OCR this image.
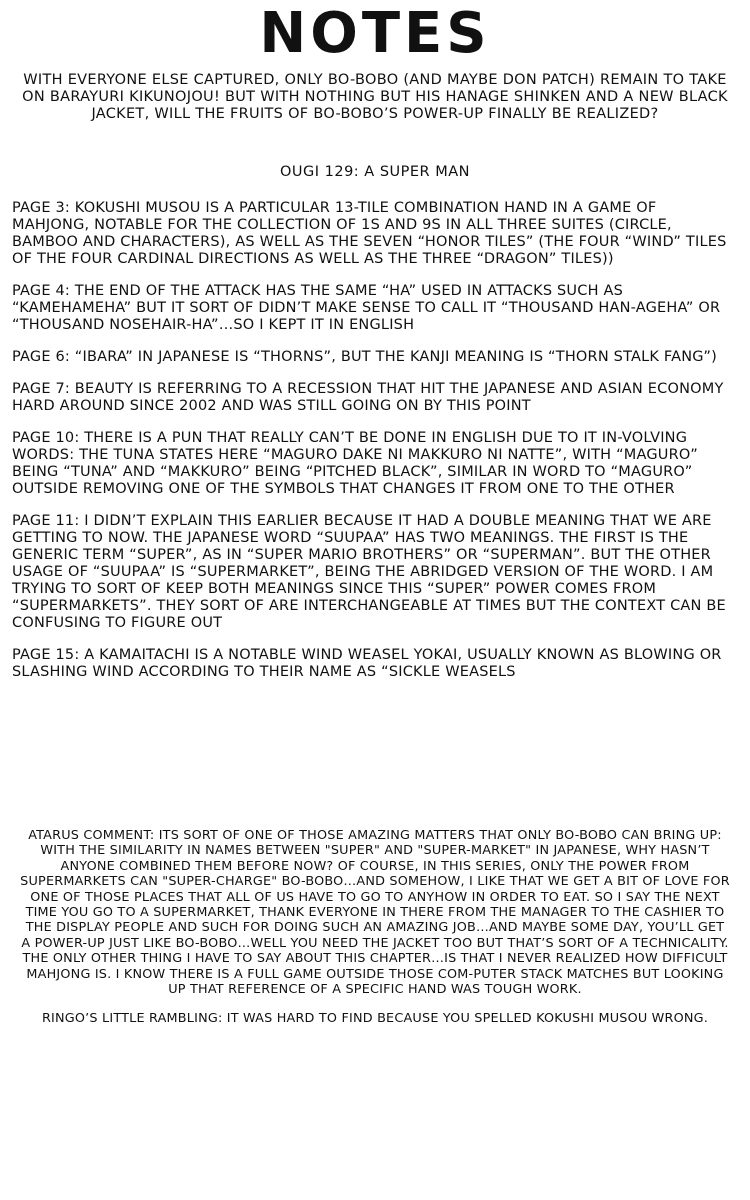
NOTES
WITH EVERYONE ELSE CAPTURED, ONLY BO-BOBO (AND MAYBE DON PATCH) REMAIN TO TAKE ON BARAYURI KIKUNOJOU! BUT WITH NOTHING BUT HIS HANAGE SHINKEN AND A NEW BLACK JACKET, WILL THE FRUITS OF BO-BOBO’S POWER-UP FINALLY BE REALIZED?
OUGI 129: A SUPER MAN

PAGE 3: KOKUSHI MUSOU IS A PARTICULAR 13-TILE COMBINATION HAND IN A GAME OF MAHJONG, NOTABLE FOR THE COLLECTION OF 1S AND 9S IN ALL THREE SUITES (CIRCLE, BAMBOO AND CHARACTERS), AS WELL AS THE SEVEN “HONOR TILES” (THE FOUR “WIND” TILES OF THE FOUR CARDINAL DIRECTIONS AS WELL AS THE THREE “DRAGON” TILES))

PAGE 4: THE END OF THE ATTACK HAS THE SAME “HA” USED IN ATTACKS SUCH AS “KAMEHAMEHA” BUT IT SORT OF DIDN’T MAKE SENSE TO CALL IT “THOUSAND HAN-AGEHA” OR “THOUSAND NOSEHAIR-HA”…SO I KEPT IT IN ENGLISH

PAGE 6: “IBARA” IN JAPANESE IS “THORNS”, BUT THE KANJI MEANING IS “THORN STALK FANG”)

PAGE 7: BEAUTY IS REFERRING TO A RECESSION THAT HIT THE JAPANESE AND ASIAN ECONOMY HARD AROUND SINCE 2002 AND WAS STILL GOING ON BY THIS POINT

PAGE 10: THERE IS A PUN THAT REALLY CAN’T BE DONE IN ENGLISH DUE TO IT IN-VOLVING WORDS: THE TUNA STATES HERE “MAGURO DAKE NI MAKKURO NI NATTE”, WITH “MAGURO” BEING “TUNA” AND “MAKKURO” BEING “PITCHED BLACK”, SIMILAR IN WORD TO “MAGURO” OUTSIDE REMOVING ONE OF THE SYMBOLS THAT CHANGES IT FROM ONE TO THE OTHER

PAGE 11: I DIDN’T EXPLAIN THIS EARLIER BECAUSE IT HAD A DOUBLE MEANING THAT WE ARE GETTING TO NOW. THE JAPANESE WORD “SUUPAA” HAS TWO MEANINGS. THE FIRST IS THE GENERIC TERM “SUPER”, AS IN “SUPER MARIO BROTHERS” OR “SUPERMAN”. BUT THE OTHER USAGE OF “SUUPAA” IS “SUPERMARKET”, BEING THE ABRIDGED VERSION OF THE WORD. I AM TRYING TO SORT OF KEEP BOTH MEANINGS SINCE THIS “SUPER” POWER COMES FROM “SUPERMARKETS”. THEY SORT OF ARE INTERCHANGEABLE AT TIMES BUT THE CONTEXT CAN BE CONFUSING TO FIGURE OUT

PAGE 15: A KAMAITACHI IS A NOTABLE WIND WEASEL YOKAI, USUALLY KNOWN AS BLOWING OR SLASHING WIND ACCORDING TO THEIR NAME AS “SICKLE WEASELS

ATARUS COMMENT: ITS SORT OF ONE OF THOSE AMAZING MATTERS THAT ONLY BO-BOBO CAN BRING UP: WITH THE SIMILARITY IN NAMES BETWEEN "SUPER" AND "SUPER-MARKET" IN JAPANESE, WHY HASN’T ANYONE COMBINED THEM BEFORE NOW? OF COURSE, IN THIS SERIES, ONLY THE POWER FROM SUPERMARKETS CAN "SUPER-CHARGE" BO-BOBO…AND SOMEHOW, I LIKE THAT WE GET A BIT OF LOVE FOR ONE OF THOSE PLACES THAT ALL OF US HAVE TO GO TO ANYHOW IN ORDER TO EAT. SO I SAY THE NEXT TIME YOU GO TO A SUPERMARKET, THANK EVERYONE IN THERE FROM THE MANAGER TO THE CASHIER TO THE DISPLAY PEOPLE AND SUCH FOR DOING SUCH AN AMAZING JOB…AND MAYBE SOME DAY, YOU’LL GET A POWER-UP JUST LIKE BO-BOBO…WELL YOU NEED THE JACKET TOO BUT THAT’S SORT OF A TECHNICALITY. THE ONLY OTHER THING I HAVE TO SAY ABOUT THIS CHAPTER…IS THAT I NEVER REALIZED HOW DIFFICULT MAHJONG IS. I KNOW THERE IS A FULL GAME OUTSIDE THOSE COM-PUTER STACK MATCHES BUT LOOKING UP THAT REFERENCE OF A SPECIFIC HAND WAS TOUGH WORK.

RINGO’S LITTLE RAMBLING: IT WAS HARD TO FIND BECAUSE YOU SPELLED KOKUSHI MUSOU WRONG.
